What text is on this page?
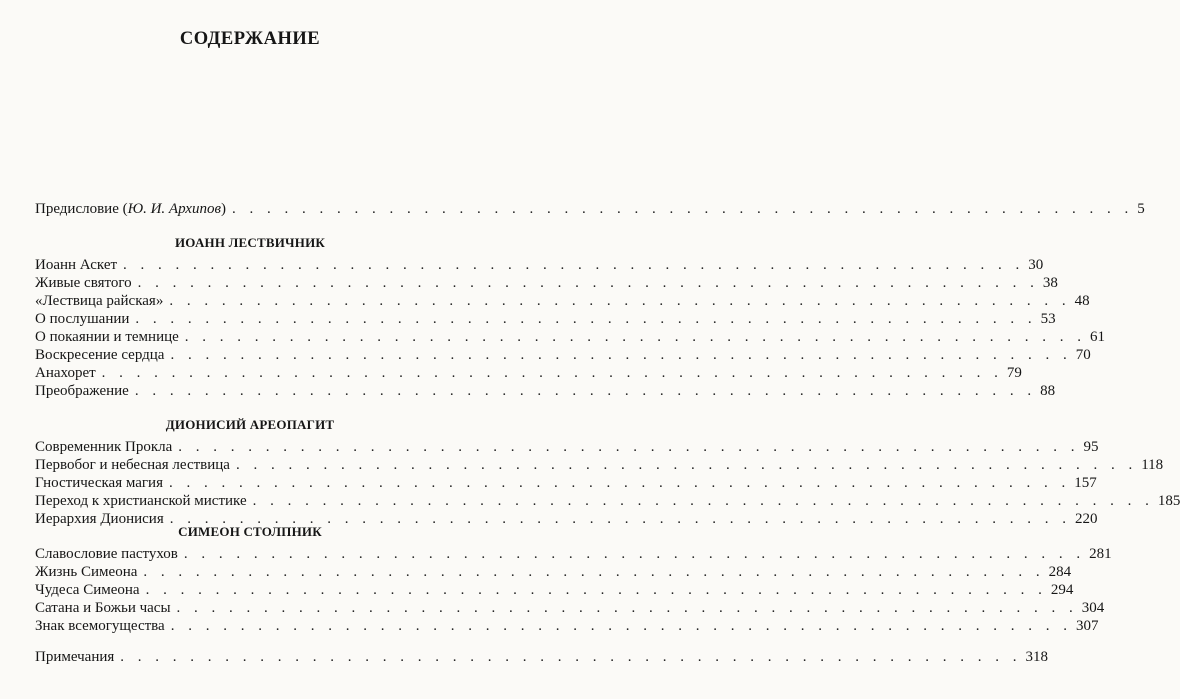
СОДЕРЖАНИЕ
Предисловие (Ю. И. Архипов) . . . . . . . . . . . . . . . . . . . . . . . . . . . . . . . . . . . . . . . . . . . . . . . . . . . . 5
ИОАНН ЛЕСТВИЧНИК
Иоанн Аскет . . . . . . . . . . . . . . . . . . . . . . . . . . . . . . . . . . . . . . . . . . . . . . . . . . . . 30
Живые святого . . . . . . . . . . . . . . . . . . . . . . . . . . . . . . . . . . . . . . . . . . . . . . . . . . . . 38
«Лествица райская» . . . . . . . . . . . . . . . . . . . . . . . . . . . . . . . . . . . . . . . . . . . . . . . . . . . . 48
О послушании . . . . . . . . . . . . . . . . . . . . . . . . . . . . . . . . . . . . . . . . . . . . . . . . . . . . 53
О покаянии и темнице . . . . . . . . . . . . . . . . . . . . . . . . . . . . . . . . . . . . . . . . . . . . . . . . . . . . 61
Воскресение сердца . . . . . . . . . . . . . . . . . . . . . . . . . . . . . . . . . . . . . . . . . . . . . . . . . . . . 70
Анахорет . . . . . . . . . . . . . . . . . . . . . . . . . . . . . . . . . . . . . . . . . . . . . . . . . . . . 79
Преображение . . . . . . . . . . . . . . . . . . . . . . . . . . . . . . . . . . . . . . . . . . . . . . . . . . . . 88
ДИОНИСИЙ АРЕОПАГИТ
Современник Прокла . . . . . . . . . . . . . . . . . . . . . . . . . . . . . . . . . . . . . . . . . . . . . . . . . . . . 95
Первобог и небесная лествица . . . . . . . . . . . . . . . . . . . . . . . . . . . . . . . . . . . . . . . . . . . . . . . . . . . . 118
Гностическая магия . . . . . . . . . . . . . . . . . . . . . . . . . . . . . . . . . . . . . . . . . . . . . . . . . . . . 157
Переход к христианской мистике . . . . . . . . . . . . . . . . . . . . . . . . . . . . . . . . . . . . . . . . . . . . . . . . . . . . 185
Иерархия Дионисия . . . . . . . . . . . . . . . . . . . . . . . . . . . . . . . . . . . . . . . . . . . . . . . . . . . . 220
СИМЕОН СТОЛПНИК
Славословие пастухов . . . . . . . . . . . . . . . . . . . . . . . . . . . . . . . . . . . . . . . . . . . . . . . . . . . . 281
Жизнь Симеона . . . . . . . . . . . . . . . . . . . . . . . . . . . . . . . . . . . . . . . . . . . . . . . . . . . . 284
Чудеса Симеона . . . . . . . . . . . . . . . . . . . . . . . . . . . . . . . . . . . . . . . . . . . . . . . . . . . . 294
Сатана и Божьи часы . . . . . . . . . . . . . . . . . . . . . . . . . . . . . . . . . . . . . . . . . . . . . . . . . . . . 304
Знак всемогущества . . . . . . . . . . . . . . . . . . . . . . . . . . . . . . . . . . . . . . . . . . . . . . . . . . . . 307
Примечания . . . . . . . . . . . . . . . . . . . . . . . . . . . . . . . . . . . . . . . . . . . . . . . . . . . . 318
